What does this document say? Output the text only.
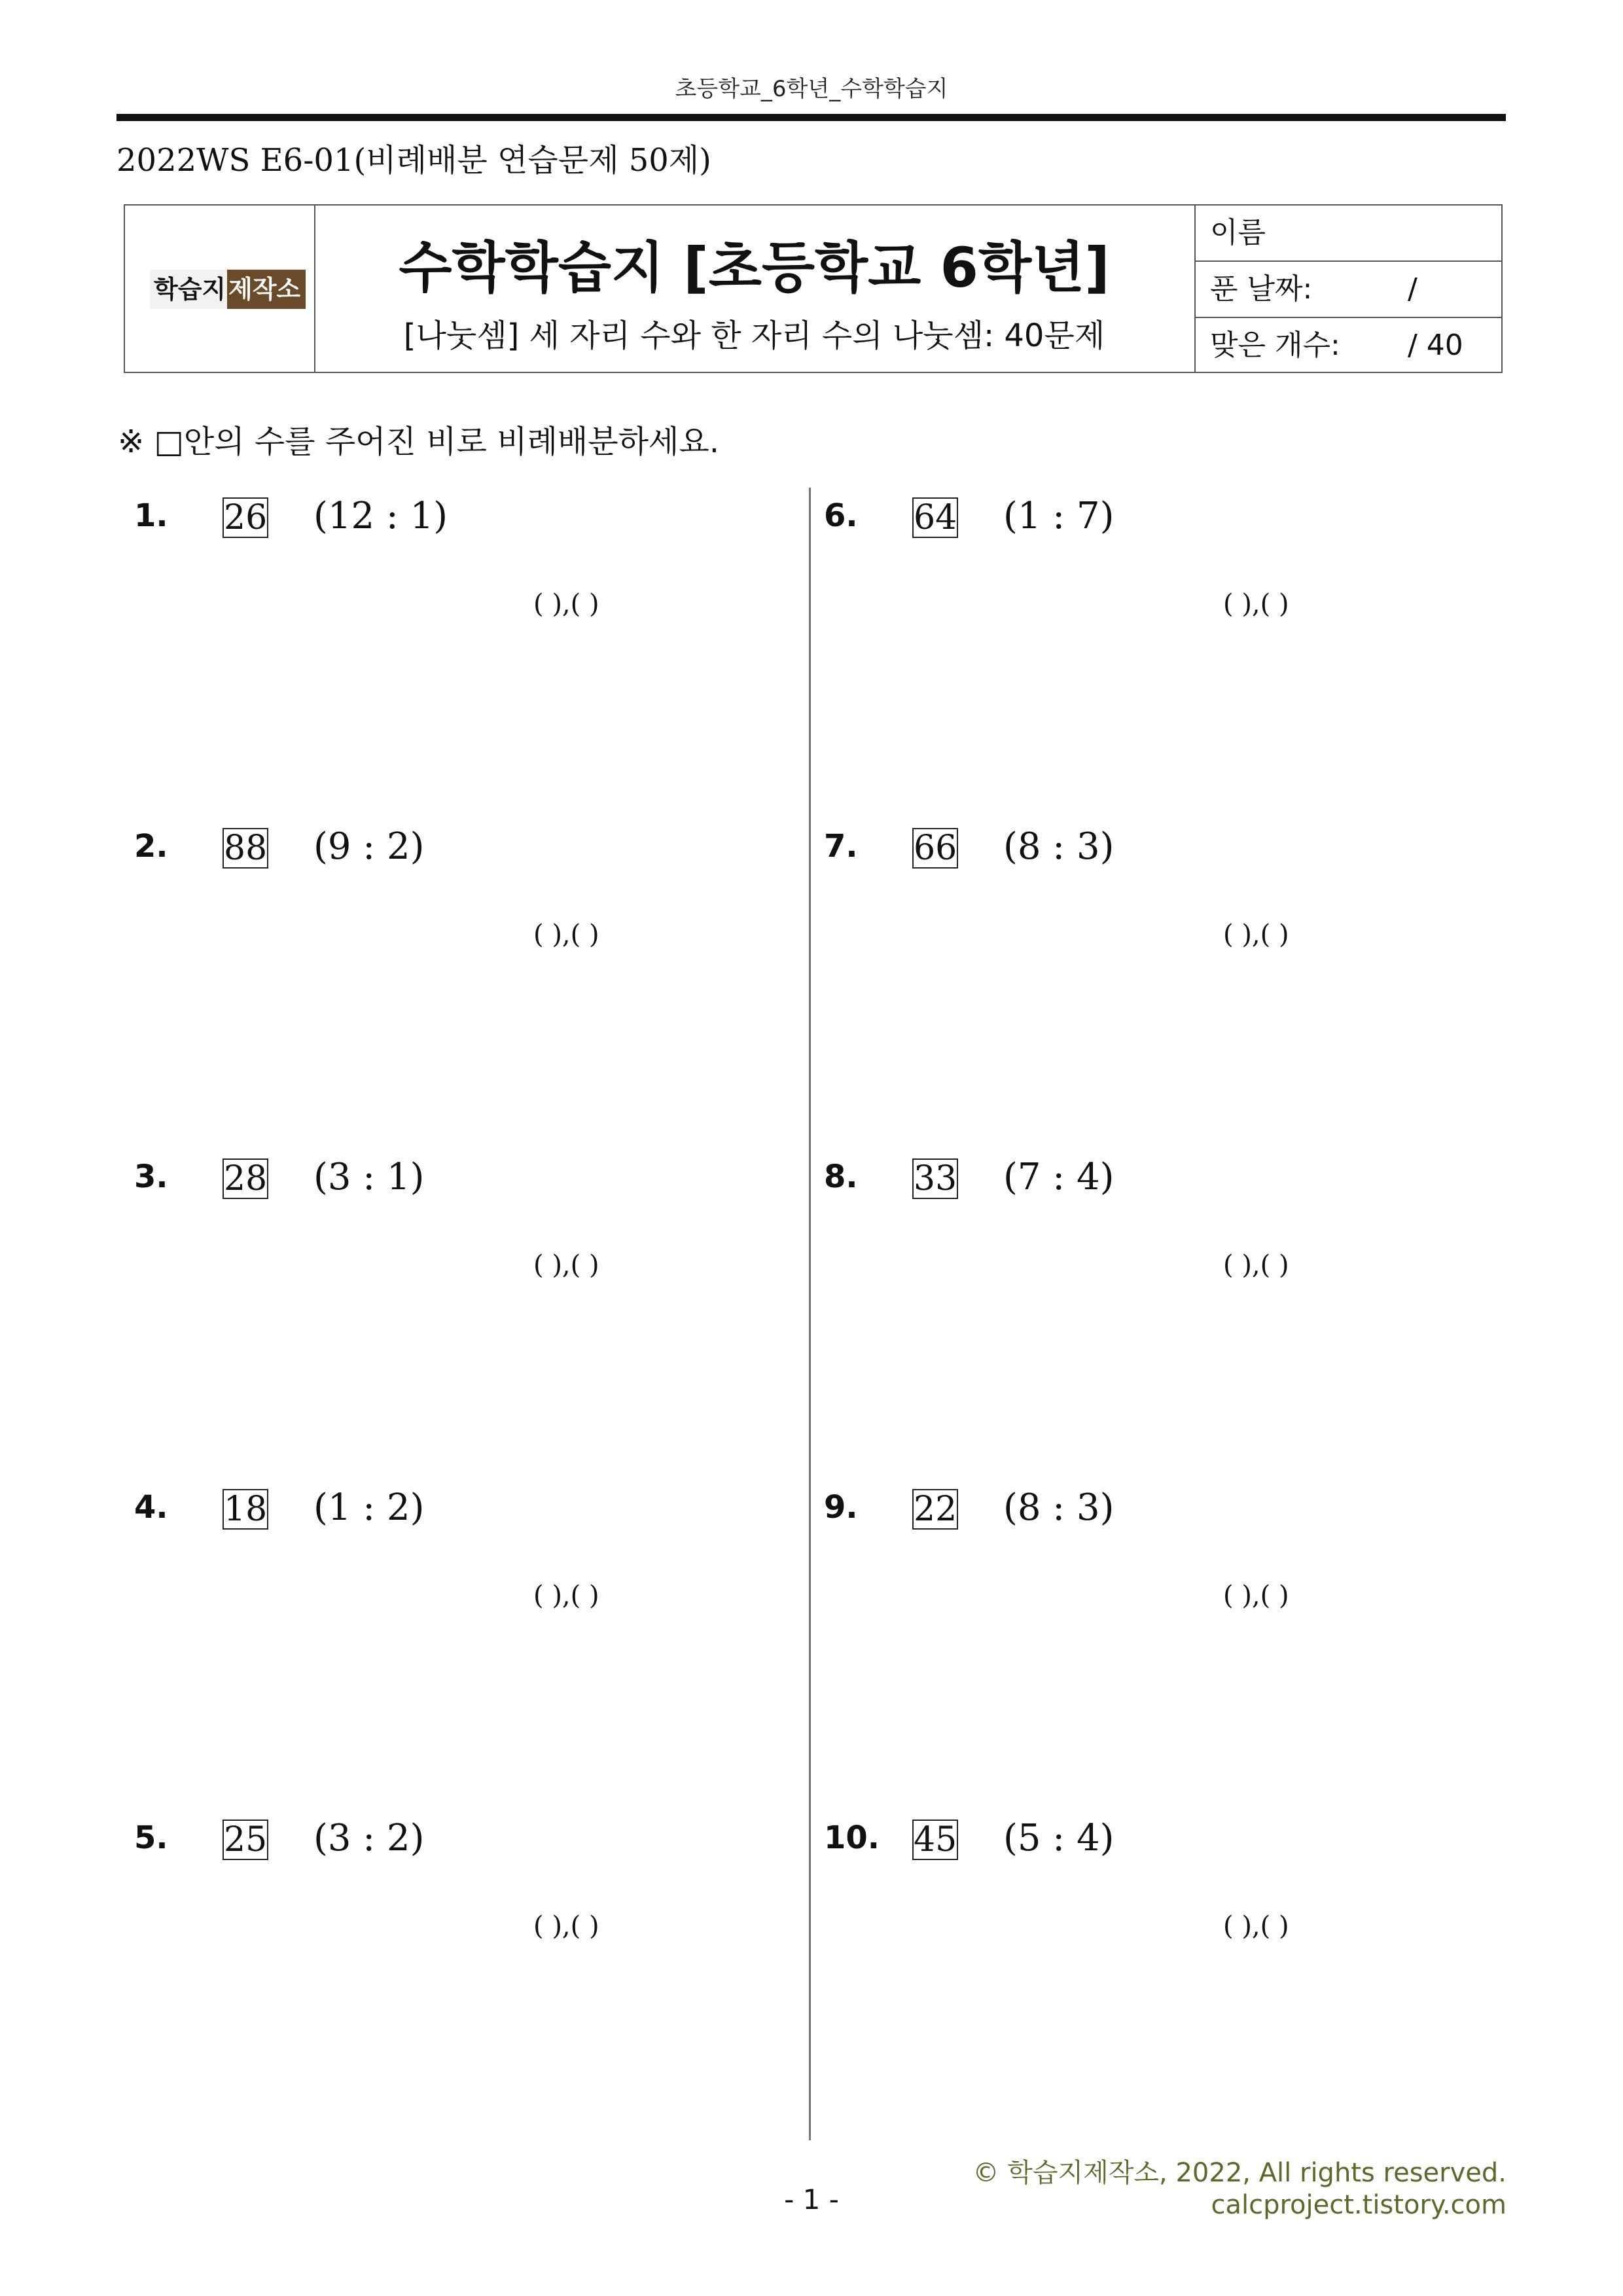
초등학교_6학년_수학학습지
2022WS E6-01(비례배분 연습문제 50제)
학습지 제작소	수학학습지 [초등학교 6학년]
[나눗셈] 세 자리 수와 한 자리 수의 나눗셈: 40문제
이름
푼 날짜:	/
맞은 개수: / 40
※ □안의 수를 주어진 비로 비례배분하세요.
1. 26 (12 : 1)
( ),( )
2. 88 (9 : 2)
( ),( )
3. 28 (3 : 1)
( ),( )
4. 18 (1 : 2)
( ),( )
5. 25 (3 : 2)
( ),( )
6. 64 (1 : 7)
( ),( )
7. 66 (8 : 3)
( ),( )
8. 33 (7 : 4)
( ),( )
9. 22 (8 : 3)
( ),( )
10. 45 (5 : 4)
( ),( )
© 학습지제작소, 2022, All rights reserved.
calcproject.tistory.com
- 1 -
